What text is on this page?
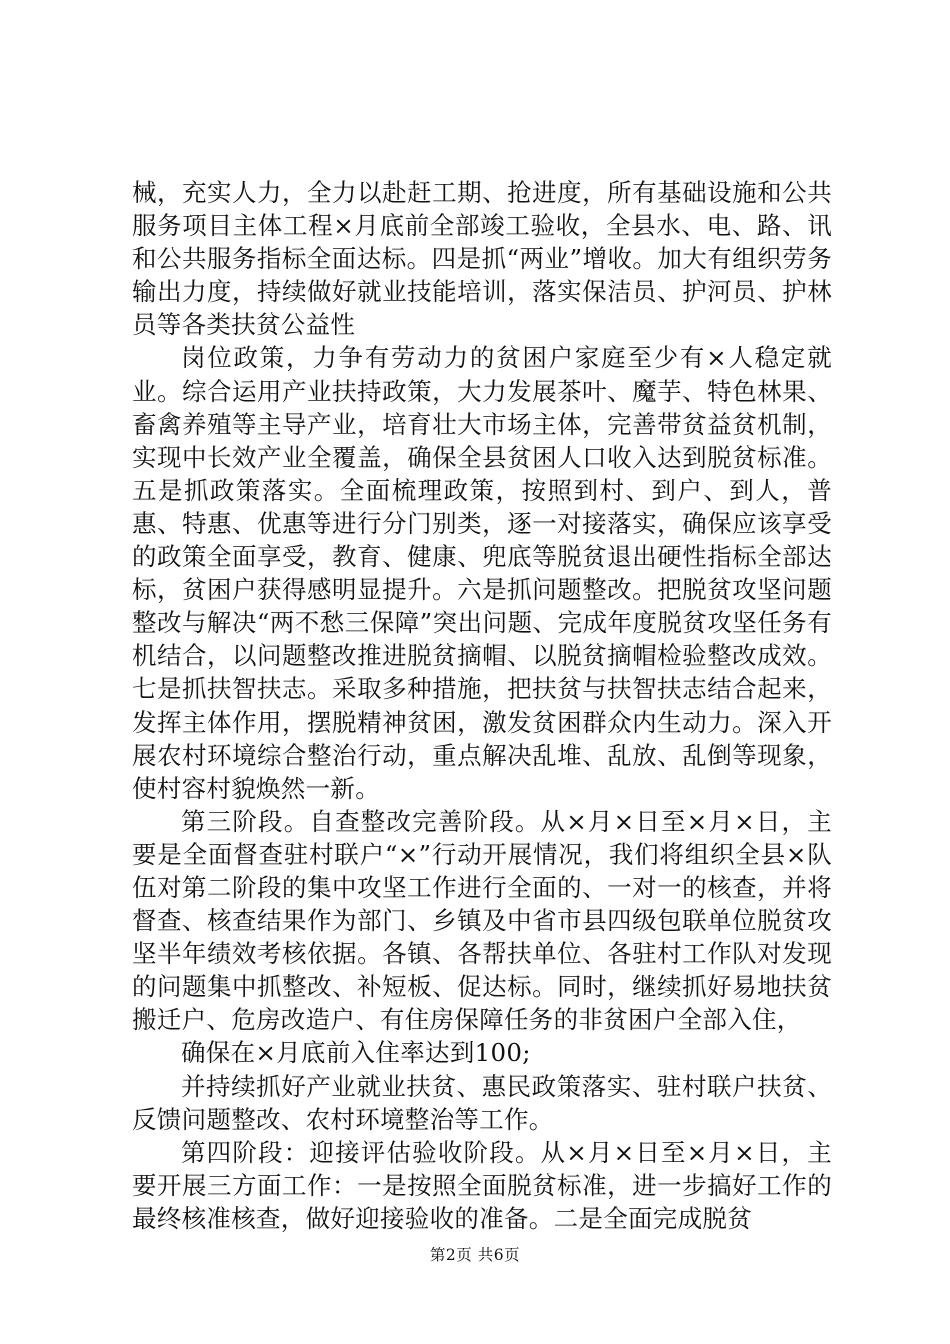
械，充实人力，全力以赴赶工期、抢进度，所有基础设施和公共服务项目主体工程×月底前全部竣工验收，全县水、电、路、讯和公共服务指标全面达标。四是抓“两业”增收。加大有组织劳务输出力度，持续做好就业技能培训，落实保洁员、护河员、护林员等各类扶贫公益性

岗位政策，力争有劳动力的贫困户家庭至少有×人稳定就业。综合运用产业扶持政策，大力发展茶叶、魔芋、特色林果、畜禽养殖等主导产业，培育壮大市场主体，完善带贫益贫机制，实现中长效产业全覆盖，确保全县贫困人口收入达到脱贫标准。五是抓政策落实。全面梳理政策，按照到村、到户、到人，普惠、特惠、优惠等进行分门别类，逐一对接落实，确保应该享受的政策全面享受，教育、健康、兜底等脱贫退出硬性指标全部达标，贫困户获得感明显提升。六是抓问题整改。把脱贫攻坚问题整改与解决“两不愁三保障”突出问题、完成年度脱贫攻坚任务有机结合，以问题整改推进脱贫摘帽、以脱贫摘帽检验整改成效。七是抓扶智扶志。采取多种措施，把扶贫与扶智扶志结合起来，发挥主体作用，摆脱精神贫困，激发贫困群众内生动力。深入开展农村环境综合整治行动，重点解决乱堆、乱放、乱倒等现象，使村容村貌焕然一新。

第三阶段。自查整改完善阶段。从×月×日至×月×日，主要是全面督查驻村联户“×”行动开展情况，我们将组织全县×队伍对第二阶段的集中攻坚工作进行全面的、一对一的核查，并将督查、核查结果作为部门、乡镇及中省市县四级包联单位脱贫攻坚半年绩效考核依据。各镇、各帮扶单位、各驻村工作队对发现的问题集中抓整改、补短板、促达标。同时，继续抓好易地扶贫搬迁户、危房改造户、有住房保障任务的非贫困户全部入住，

确保在×月底前入住率达到100;

并持续抓好产业就业扶贫、惠民政策落实、驻村联户扶贫、反馈问题整改、农村环境整治等工作。

第四阶段：迎接评估验收阶段。从×月×日至×月×日，主要开展三方面工作：一是按照全面脱贫标准，进一步搞好工作的最终核准核查，做好迎接验收的准备。二是全面完成脱贫

第2页 共6页
